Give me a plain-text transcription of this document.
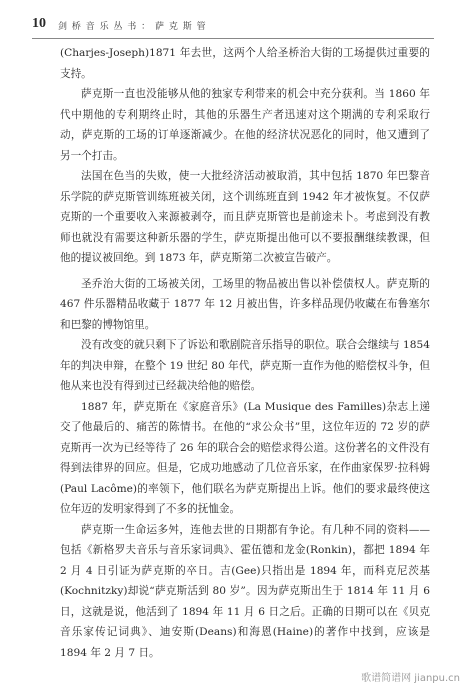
10 剑 桥 音 乐 丛 书 ： 萨 克 斯 管

(Charjes-Joseph)1871 年去世，这两个人给圣桥治大街的工场提供过重要的支持。

萨克斯一直也没能够从他的独家专利带来的机会中充分获利。当 1860 年代中期他的专利期终止时，其他的乐器生产者迅速对这个期满的专利采取行动，萨克斯的工场的订单逐渐减少。在他的经济状况恶化的同时，他又遭到了另一个打击。

法国在色当的失败，使一大批经济活动被取消，其中包括 1870 年巴黎音乐学院的萨克斯管训练班被关闭，这个训练班直到 1942 年才被恢复。不仅萨克斯的一个重要收入来源被剥夺，而且萨克斯管也是前途未卜。考虑到没有教师也就没有需要这种新乐器的学生，萨克斯提出他可以不要报酬继续教课，但他的提议被回绝。到 1873 年，萨克斯第二次被宣告破产。

圣乔治大街的工场被关闭，工场里的物品被出售以补偿债权人。萨克斯的 467 件乐器精品收藏于 1877 年 12 月被出售，许多样品现仍收藏在布鲁塞尔和巴黎的博物馆里。

没有改变的就只剩下了诉讼和歌剧院音乐指导的职位。联合会继续与 1854 年的判决申辩，在整个 19 世纪 80 年代，萨克斯一直作为他的赔偿权斗争，但他从来也没有得到过已经裁决给他的赔偿。

1887 年，萨克斯在《家庭音乐》(La Musique des Familles)杂志上递交了他最后的、痛苦的陈情书。在他的“求公众书”里，这位年迈的 72 岁的萨克斯再一次为已经等待了 26 年的联合会的赔偿求得公道。这份著名的文件没有得到法律界的回应。但是，它成功地感动了几位音乐家，在作曲家保罗·拉科姆(Paul Lacôme)的率领下，他们联名为萨克斯提出上诉。他们的要求最终使这位年迈的发明家得到了不多的抚恤金。

萨克斯一生命运多舛，连他去世的日期都有争论。有几种不同的资料——包括《新格罗夫音乐与音乐家词典》、霍伍德和龙金(Ronkin)，都把 1894 年 2 月 4 日引证为萨克斯的卒日。吉(Gee)只指出是 1894 年，而科克尼茨基(Kochnitzky)却说“萨克斯活到 80 岁”。因为萨克斯出生于 1814 年 11 月 6 日，这就是说，他活到了 1894 年 11 月 6 日之后。正确的日期可以在《贝克音乐家传记词典》、迪安斯(Deans)和海恩(Haine)的著作中找到，应该是 1894 年 2 月 7 日。

歌谱简谱网 jianpu.cn
